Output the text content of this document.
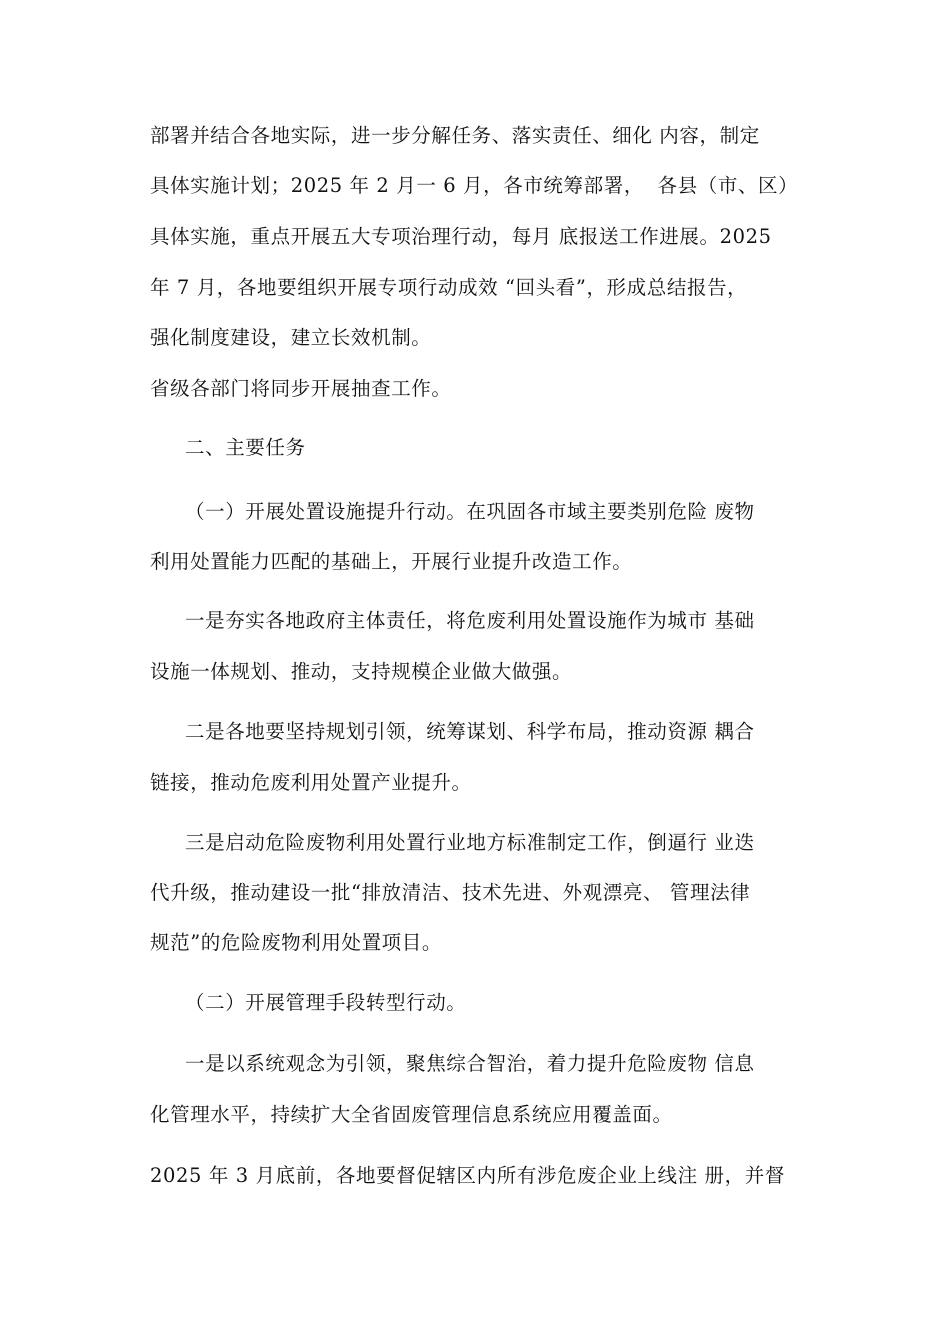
部署并结合各地实际，进一步分解任务、落实责任、细化 内容，制定
具体实施计划；2025 年 2 月一 6 月，各市统筹部署，  各县（市、区）
具体实施，重点开展五大专项治理行动，每月 底报送工作进展。2025
年 7 月，各地要组织开展专项行动成效 “回头看”，形成总结报告，
强化制度建设，建立长效机制。
省级各部门将同步开展抽查工作。
二、主要任务
（一）开展处置设施提升行动。在巩固各市域主要类别危险 废物
利用处置能力匹配的基础上，开展行业提升改造工作。
一是夯实各地政府主体责任，将危废利用处置设施作为城市 基础
设施一体规划、推动，支持规模企业做大做强。
二是各地要坚持规划引领，统筹谋划、科学布局，推动资源 耦合
链接，推动危废利用处置产业提升。
三是启动危险废物利用处置行业地方标准制定工作，倒逼行 业迭
代升级，推动建设一批“排放清洁、技术先进、外观漂亮、 管理法律
规范”的危险废物利用处置项目。
（二）开展管理手段转型行动。
一是以系统观念为引领，聚焦综合智治，着力提升危险废物 信息
化管理水平，持续扩大全省固废管理信息系统应用覆盖面。
2025 年 3 月底前，各地要督促辖区内所有涉危废企业上线注 册，并督
